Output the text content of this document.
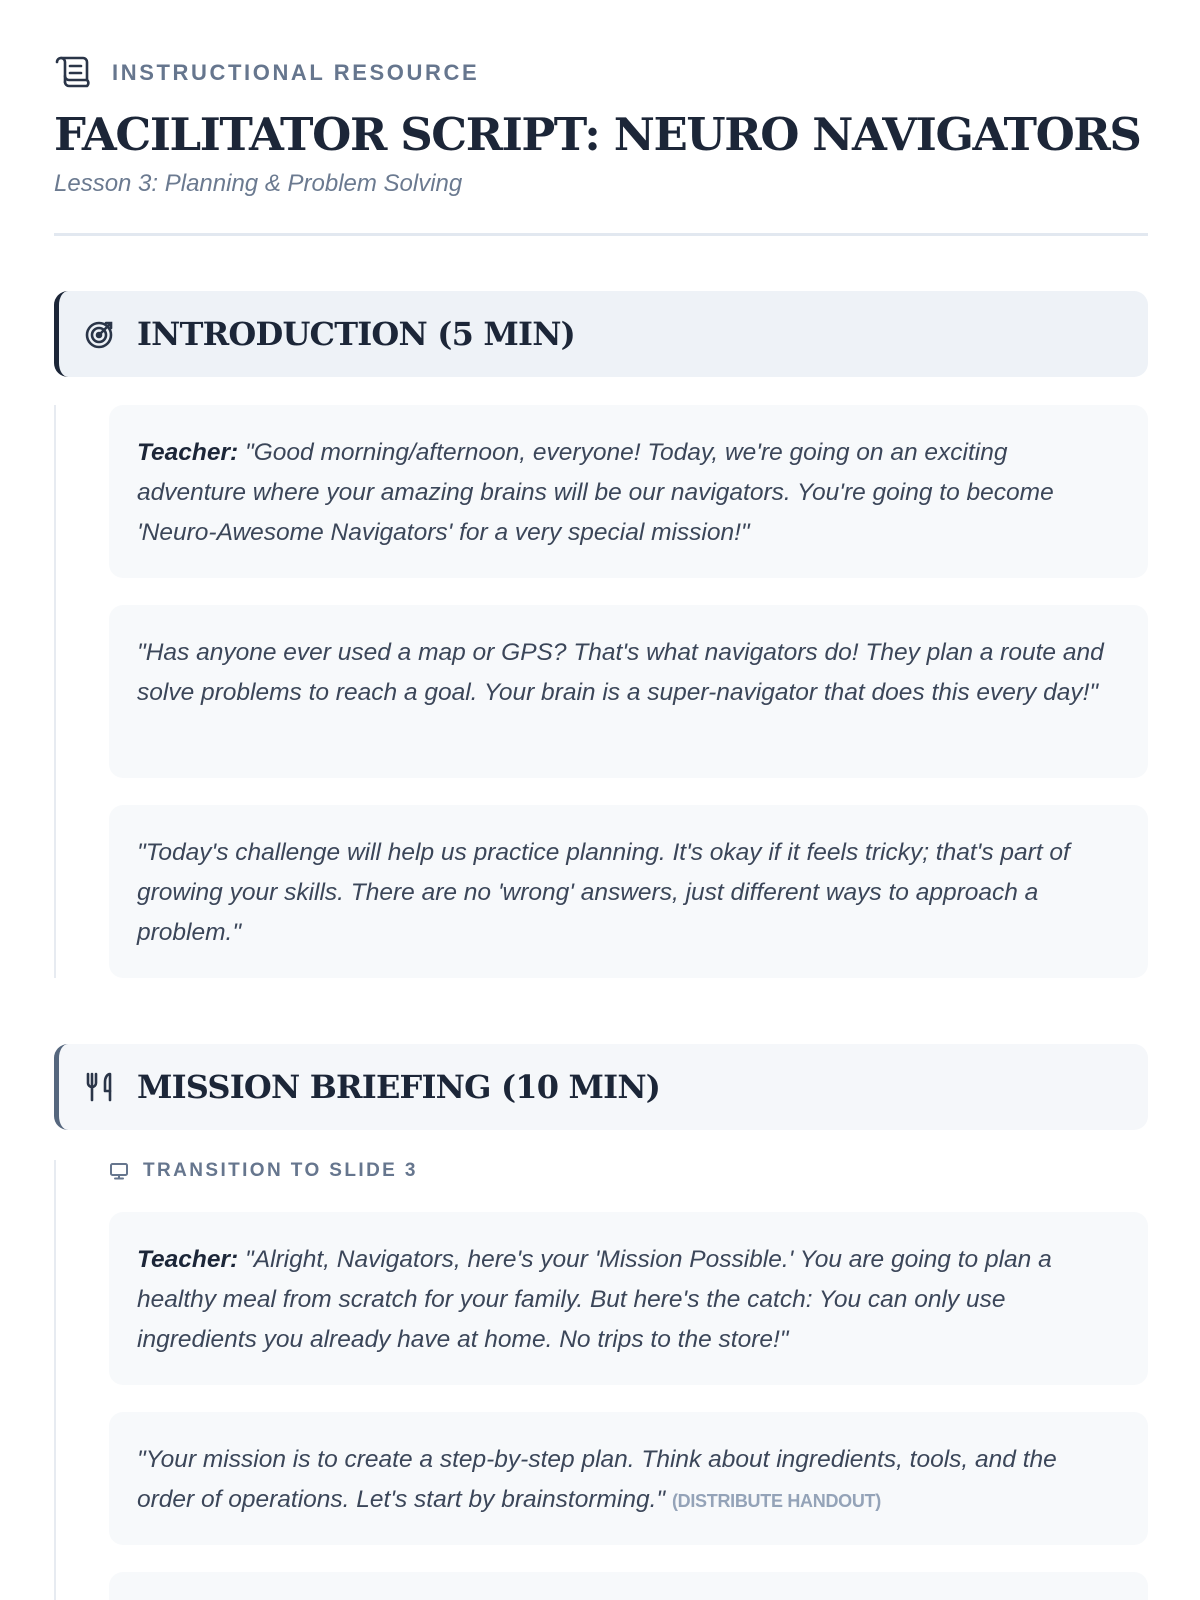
INSTRUCTIONAL RESOURCE
FACILITATOR SCRIPT: NEURO NAVIGATORS
Lesson 3: Planning & Problem Solving
INTRODUCTION (5 MIN)
Teacher: "Good morning/afternoon, everyone! Today, we're going on an exciting adventure where your amazing brains will be our navigators. You're going to become 'Neuro-Awesome Navigators' for a very special mission!"
"Has anyone ever used a map or GPS? That's what navigators do! They plan a route and solve problems to reach a goal. Your brain is a super-navigator that does this every day!"
"Today's challenge will help us practice planning. It's okay if it feels tricky; that's part of growing your skills. There are no 'wrong' answers, just different ways to approach a problem."
MISSION BRIEFING (10 MIN)
TRANSITION TO SLIDE 3
Teacher: "Alright, Navigators, here's your 'Mission Possible.' You are going to plan a healthy meal from scratch for your family. But here's the catch: You can only use ingredients you already have at home. No trips to the store!"
"Your mission is to create a step-by-step plan. Think about ingredients, tools, and the order of operations. Let's start by brainstorming." (DISTRIBUTE HANDOUT)
